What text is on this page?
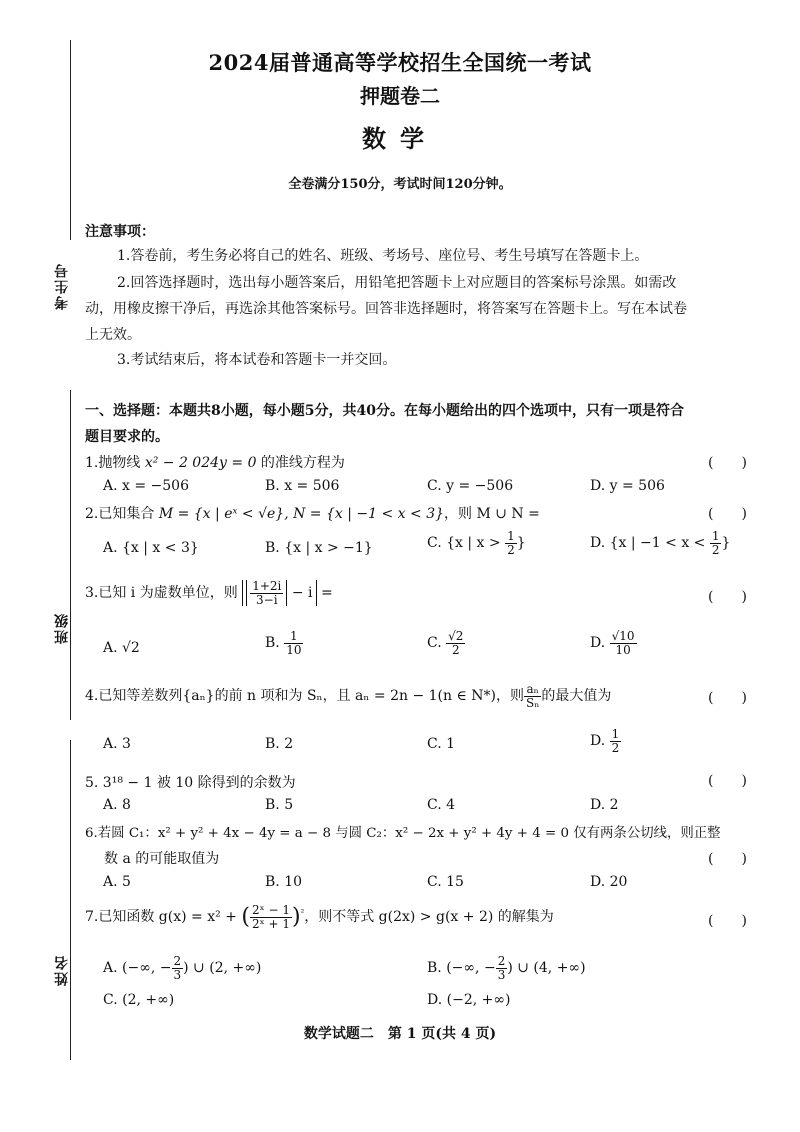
考生号
班级
姓名
2024届普通高等学校招生全国统一考试
押题卷二
数学
全卷满分150分，考试时间120分钟。
注意事项：
1.答卷前，考生务必将自己的姓名、班级、考场号、座位号、考生号填写在答题卡上。
2.回答选择题时，选出每小题答案后，用铅笔把答题卡上对应题目的答案标号涂黑。如需改
动，用橡皮擦干净后，再选涂其他答案标号。回答非选择题时，将答案写在答题卡上。写在本试卷
上无效。
3.考试结束后，将本试卷和答题卡一并交回。
一、选择题：本题共8小题，每小题5分，共40分。在每小题给出的四个选项中，只有一项是符合
题目要求的。
1.抛物线 x² − 2 024y = 0 的准线方程为	(　　)
A. x = −506	B. x = 506	C. y = −506	D. y = 506
2.已知集合 M = {x | eˣ < √e}, N = {x | −1 < x < 3}，则 M ∪ N =	(　　)
A. {x | x < 3}	B. {x | x > −1}	C. {x | $x > \frac{1}{2}$ }	D. {x | $-1 < x < \frac{1}{2}$ }
3.已知 i 为虚数单位，则 $\frac{1+2i}{3-i} - i$ =	(　　)
A. √2	B. $\frac{1}{10}$	C. $\frac{√2}{2}$	D. $\frac{√10}{10}$
4.已知等差数列{aₙ}的前 n 项和为 Sₙ，且 aₙ = 2n − 1(n ∈ N*)，则 $\frac{\text{aₙ}}{\text{Sₙ}}$ 的最大值为	(　　)
A. 3	B. 2	C. 1	D. $\frac{1}{2}$
5. 3¹⁸ − 1 被 10 除得到的余数为	(　　)
A. 8	B. 5	C. 4	D. 2
6.若圆 C₁：x² + y² + 4x − 4y = a − 8 与圆 C₂：x² − 2x + y² + 4y + 4 = 0 仅有两条公切线，则正整
数 a 的可能取值为	(　　)
A. 5	B. 10	C. 15	D. 20
7.已知函数 g(x) = x² + ( $\frac{\text{2ˣ − 1}}{\text{2ˣ + 1}} )^{^2}$，则不等式 g(2x) > g(x + 2) 的解集为	(　　)
A. (−∞, − $\frac{2}{3}$ ) ∪ (2, +∞)	B. (−∞, − $\frac{2}{3}$ ) ∪ (4, +∞)
C. (2, +∞)	D. (−2, +∞)
数学试题二　第 1 页(共 4 页)
